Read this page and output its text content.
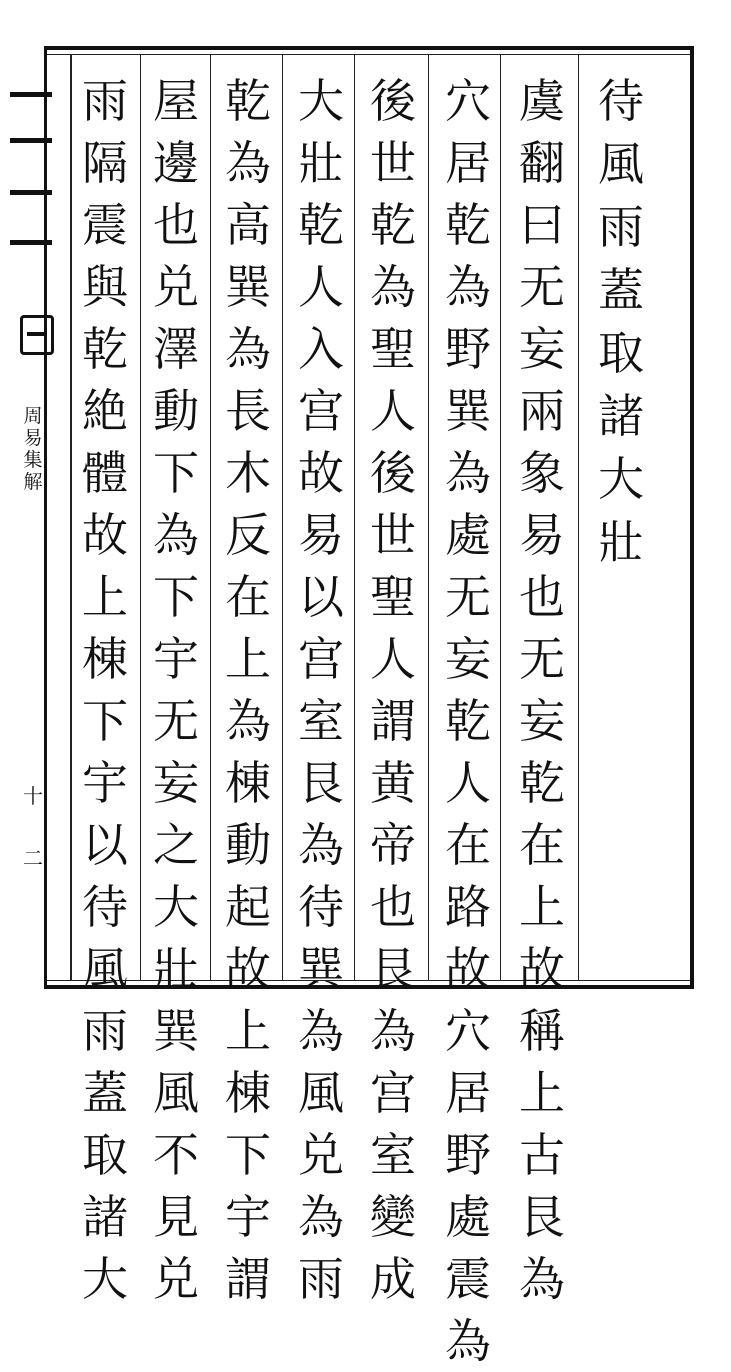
周
易
集
解
十
二
待
風
雨
蓋
取
諸
大
壯
虞
翻
曰
无
妄
兩
象
易
也
无
妄
乾
在
上
故
稱
上
古
艮
為
穴
居
乾
為
野
巽
為
處
无
妄
乾
人
在
路
故
穴
居
野
處
震
為
後
世
乾
為
聖
人
後
世
聖
人
謂
黄
帝
也
艮
為
宫
室
變
成
大
壯
乾
人
入
宫
故
易
以
宫
室
艮
為
待
巽
為
風
兑
為
雨
乾
為
高
巽
為
長
木
反
在
上
為
棟
動
起
故
上
棟
下
宇
謂
屋
邊
也
兑
澤
動
下
為
下
宇
无
妄
之
大
壯
巽
風
不
見
兑
雨
隔
震
與
乾
絶
體
故
上
棟
下
宇
以
待
風
雨
蓋
取
諸
大
